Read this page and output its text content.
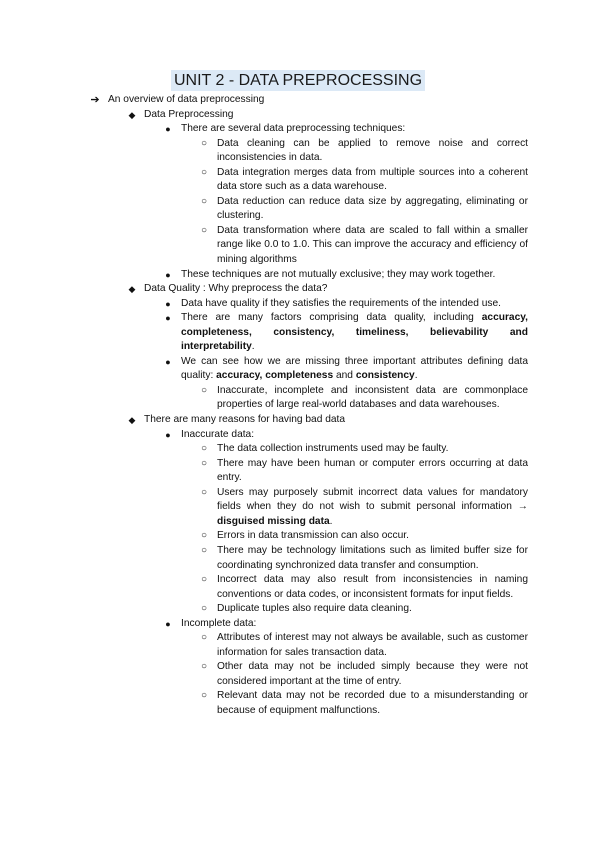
UNIT 2 - DATA PREPROCESSING
➔ An overview of data preprocessing
◆ Data Preprocessing
●	There are several data preprocessing techniques:
○ Data cleaning can be applied to remove noise and correct inconsistencies in data.
○ Data integration merges data from multiple sources into a coherent data store such as a data warehouse.
○ Data reduction can reduce data size by aggregating, eliminating or clustering.
○ Data transformation where data are scaled to fall within a smaller range like 0.0 to 1.0. This can improve the accuracy and efficiency of mining algorithms
●	These techniques are not mutually exclusive; they may work together.
◆ Data Quality : Why preprocess the data?
●	Data have quality if they satisfies the requirements of the intended use.
●	There are many factors comprising data quality, including accuracy, completeness, consistency, timeliness, believability and interpretability.
●	We can see how we are missing three important attributes defining data quality: accuracy, completeness and consistency.
○ Inaccurate, incomplete and inconsistent data are commonplace properties of large real-world databases and data warehouses.
◆ There are many reasons for having bad data
●	Inaccurate data:
○ The data collection instruments used may be faulty.
○ There may have been human or computer errors occurring at data entry.
○ Users may purposely submit incorrect data values for mandatory fields when they do not wish to submit personal information → disguised missing data.
○ Errors in data transmission can also occur.
○ There may be technology limitations such as limited buffer size for coordinating synchronized data transfer and consumption.
○ Incorrect data may also result from inconsistencies in naming conventions or data codes, or inconsistent formats for input fields.
○ Duplicate tuples also require data cleaning.
●	Incomplete data:
○ Attributes of interest may not always be available, such as customer information for sales transaction data.
○ Other data may not be included simply because they were not considered important at the time of entry.
○ Relevant data may not be recorded due to a misunderstanding or because of equipment malfunctions.
